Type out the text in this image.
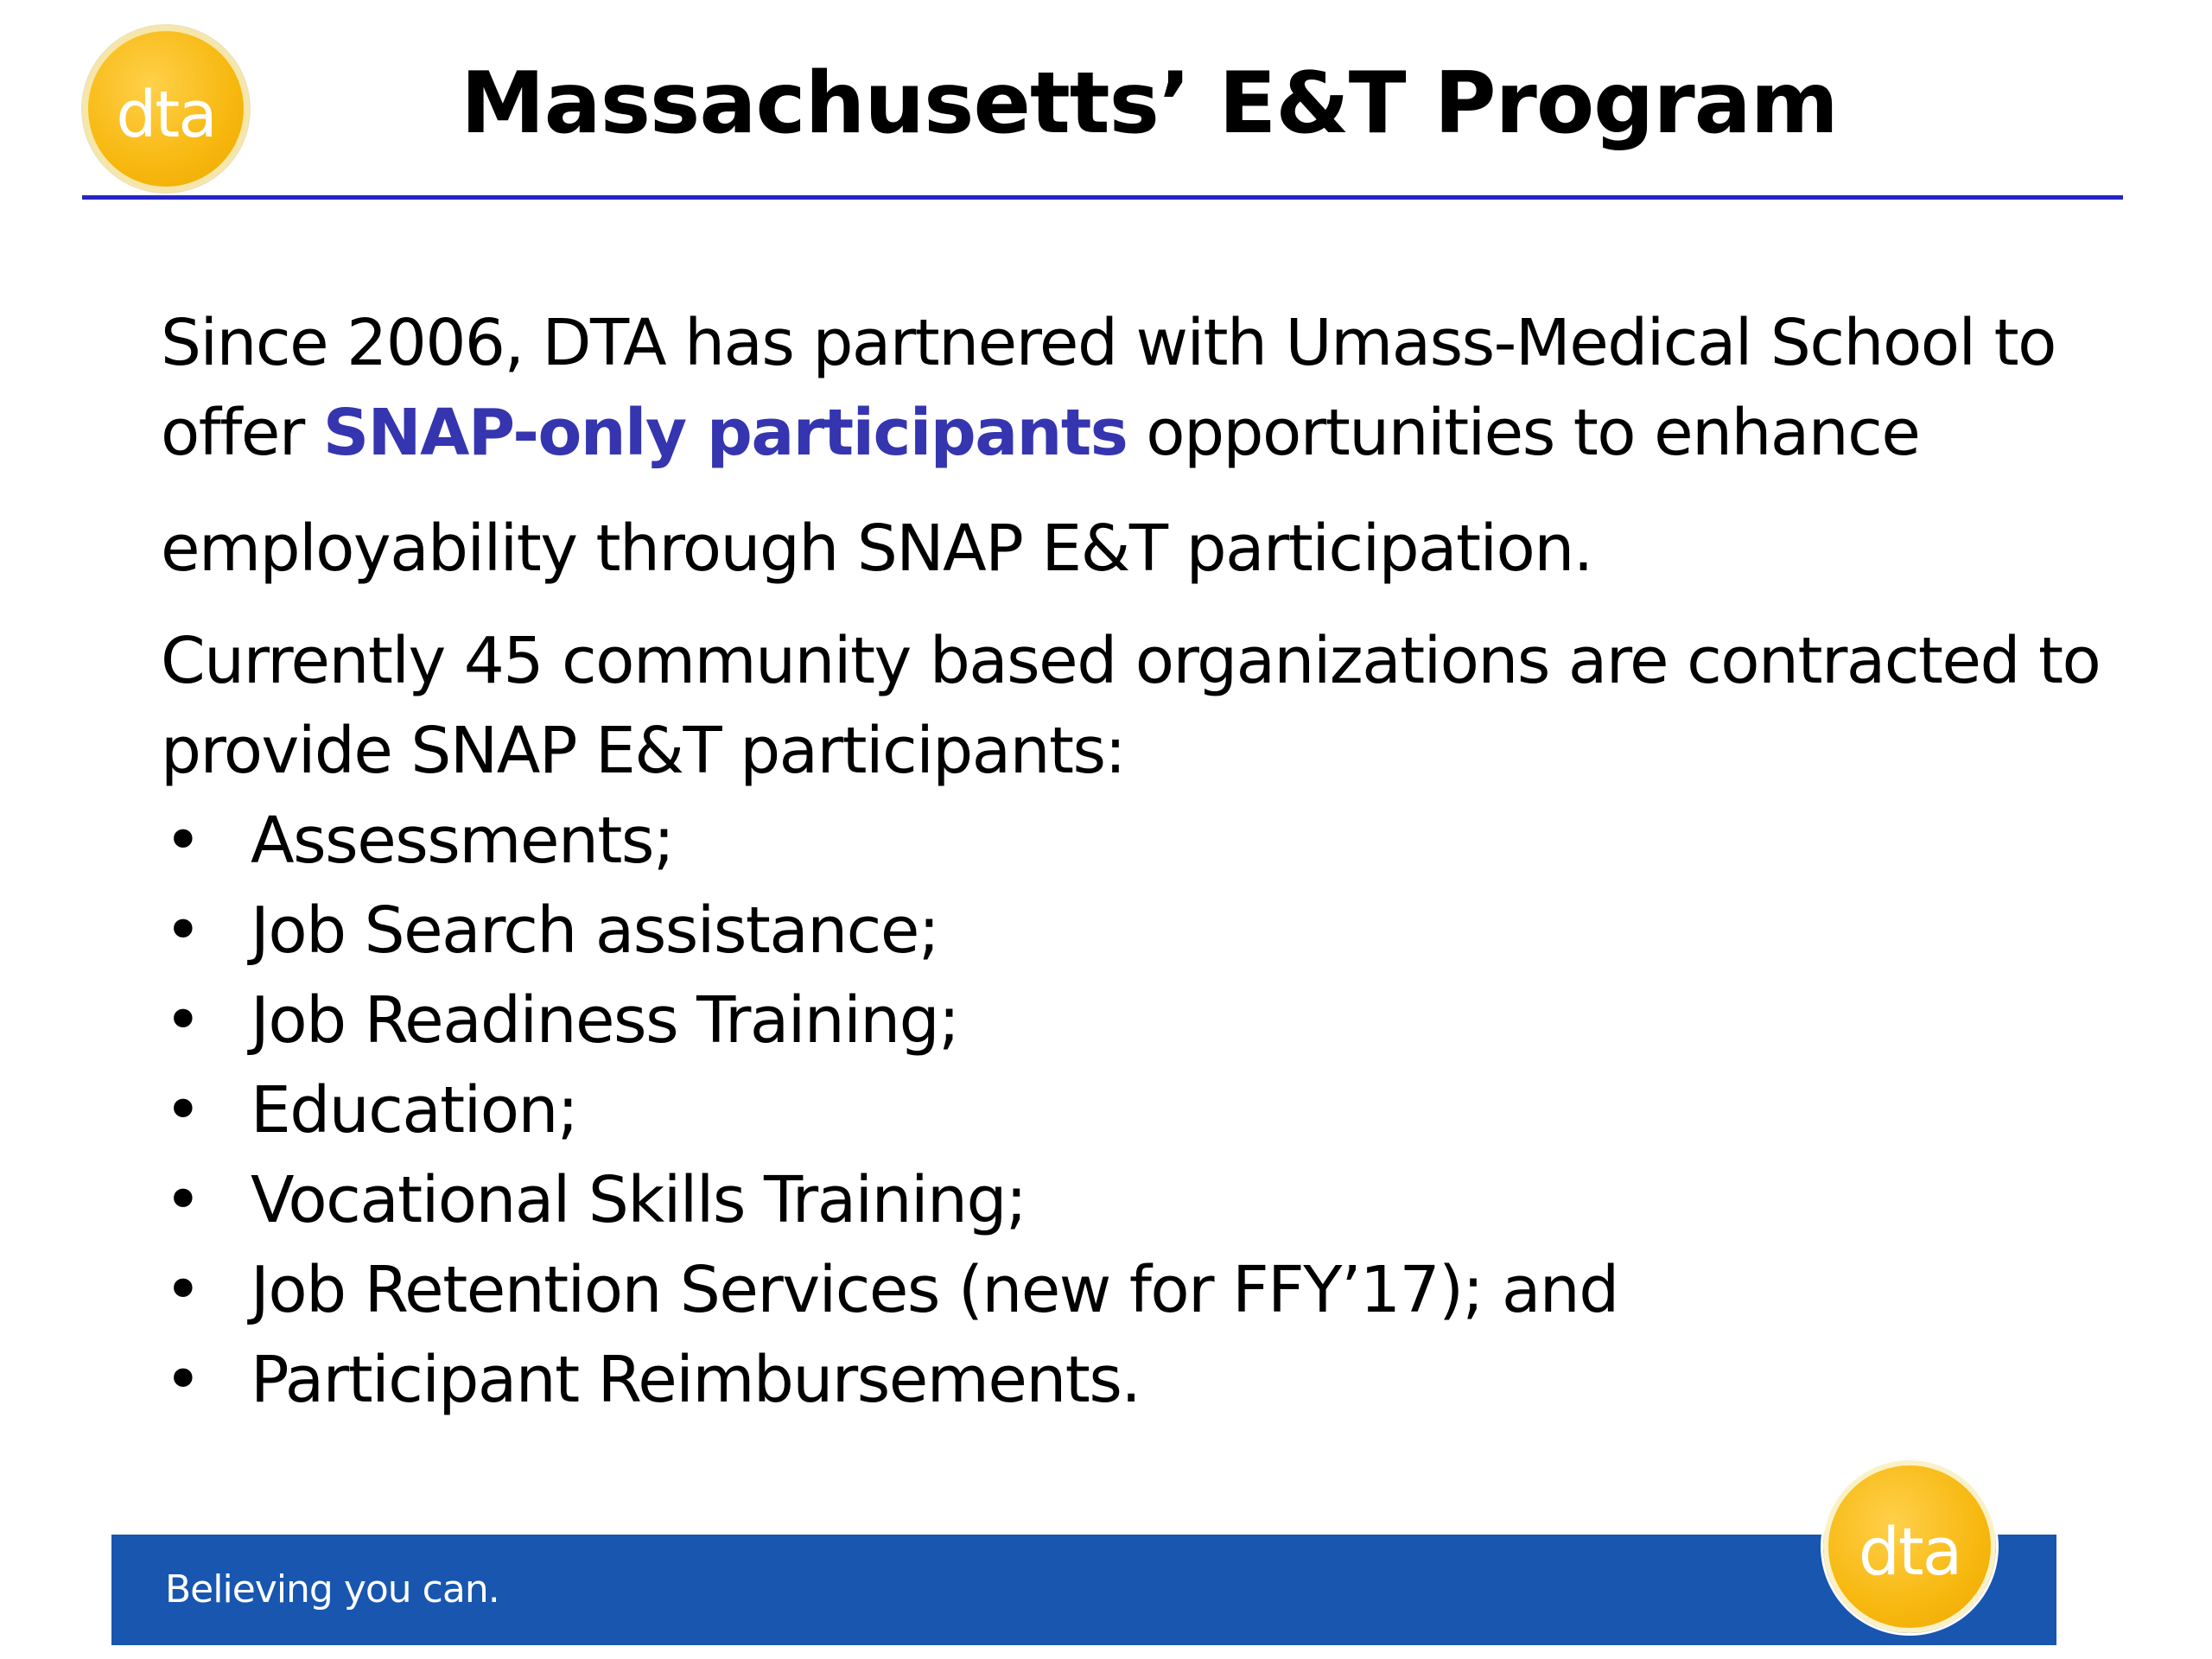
dta	Massachusetts’ E&T Program

Since 2006, DTA has partnered with Umass-Medical School to
offer SNAP-only participants opportunities to enhance
employability through SNAP E&T participation.

Currently 45 community based organizations are contracted to
provide SNAP E&T participants:

• Assessments;
• Job Search assistance;
• Job Readiness Training;
• Education;
• Vocational Skills Training;
• Job Retention Services (new for FFY’17); and
• Participant Reimbursements.
Believing you can.	dta
